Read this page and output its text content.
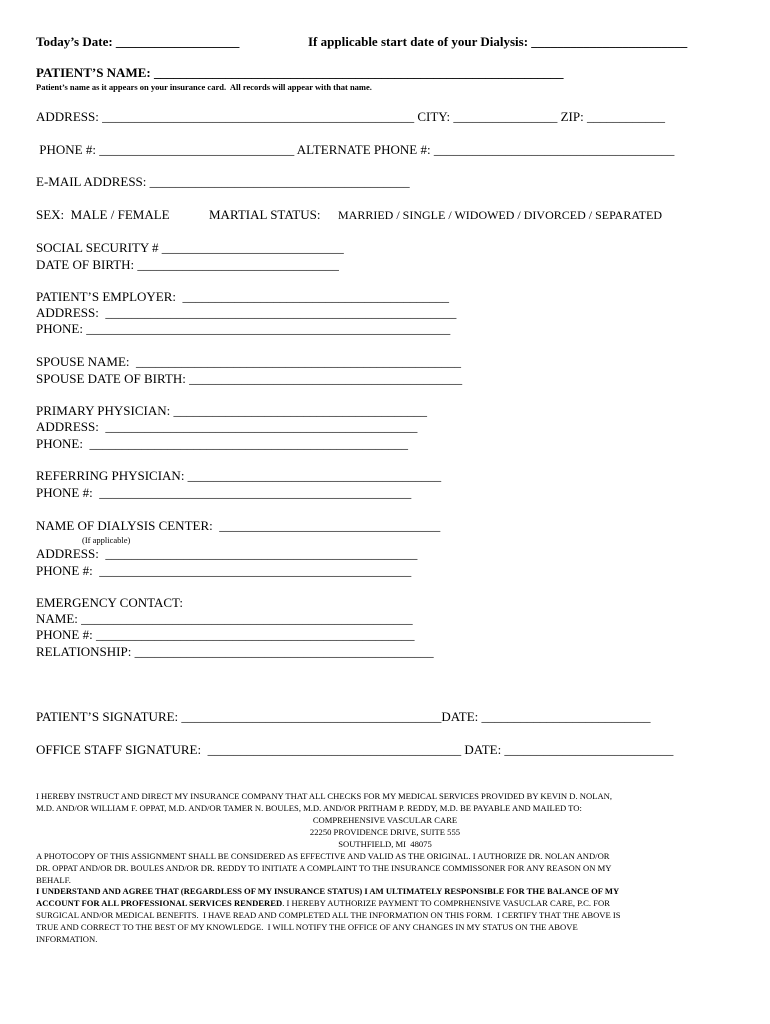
Today’s Date: ___________________	If applicable start date of your Dialysis: ________________________
PATIENT’S NAME: _______________________________________________________________
Patient’s name as it appears on your insurance card.  All records will appear with that name.
ADDRESS: ________________________________________________ CITY: ________________ ZIP: ____________
PHONE #: ______________________________ ALTERNATE PHONE #: _____________________________________
E-MAIL ADDRESS: ________________________________________
SEX:  MALE / FEMALE	MARTIAL STATUS: MARRIED / SINGLE / WIDOWED / DIVORCED / SEPARATED
SOCIAL SECURITY # ____________________________
DATE OF BIRTH: _______________________________
PATIENT’S EMPLOYER:  _________________________________________
ADDRESS:  ______________________________________________________
PHONE: ________________________________________________________
SPOUSE NAME:  __________________________________________________
SPOUSE DATE OF BIRTH: __________________________________________
PRIMARY PHYSICIAN: _______________________________________
ADDRESS:  ________________________________________________
PHONE:  _________________________________________________
REFERRING PHYSICIAN: _______________________________________
PHONE #:  ________________________________________________
NAME OF DIALYSIS CENTER:  __________________________________
(If applicable)
ADDRESS:  ________________________________________________
PHONE #:  ________________________________________________
EMERGENCY CONTACT:
NAME: ___________________________________________________
PHONE #: _________________________________________________
RELATIONSHIP: ______________________________________________
PATIENT’S SIGNATURE: ________________________________________DATE: __________________________
OFFICE STAFF SIGNATURE:  _______________________________________ DATE: __________________________
I HEREBY INSTRUCT AND DIRECT MY INSURANCE COMPANY THAT ALL CHECKS FOR MY MEDICAL SERVICES PROVIDED BY KEVIN D. NOLAN,
M.D. AND/OR WILLIAM F. OPPAT, M.D. AND/OR TAMER N. BOULES, M.D. AND/OR PRITHAM P. REDDY, M.D. BE PAYABLE AND MAILED TO:
COMPREHENSIVE VASCULAR CARE
22250 PROVIDENCE DRIVE, SUITE 555
SOUTHFIELD, MI  48075
A PHOTOCOPY OF THIS ASSIGNMENT SHALL BE CONSIDERED AS EFFECTIVE AND VALID AS THE ORIGINAL. I AUTHORIZE DR. NOLAN AND/OR
DR. OPPAT AND/OR DR. BOULES AND/OR DR. REDDY TO INITIATE A COMPLAINT TO THE INSURANCE COMMISSONER FOR ANY REASON ON MY
BEHALF.
I UNDERSTAND AND AGREE THAT (REGARDLESS OF MY INSURANCE STATUS) I AM ULTIMATELY RESPONSIBLE FOR THE BALANCE OF MY
ACCOUNT FOR ALL PROFESSIONAL SERVICES RENDERED. I HEREBY AUTHORIZE PAYMENT TO COMPRHENSIVE VASUCLAR CARE, P.C. FOR
SURGICAL AND/OR MEDICAL BENEFITS.  I HAVE READ AND COMPLETED ALL THE INFORMATION ON THIS FORM.  I CERTIFY THAT THE ABOVE IS
TRUE AND CORRECT TO THE BEST OF MY KNOWLEDGE.  I WILL NOTIFY THE OFFICE OF ANY CHANGES IN MY STATUS ON THE ABOVE
INFORMATION.
